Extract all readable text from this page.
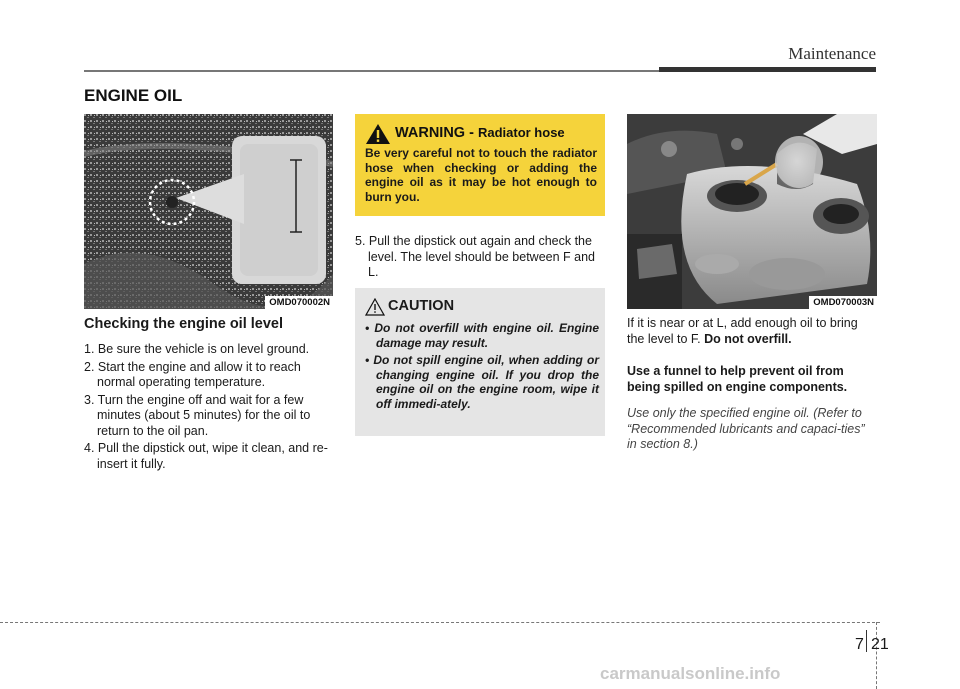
Maintenance
ENGINE OIL
OMD070002N
Checking the engine oil level
1. Be sure the vehicle is on level ground.
2. Start the engine and allow it to reach normal operating temperature.
3. Turn the engine off and wait for a few minutes (about 5 minutes) for the oil to return to the oil pan.
4. Pull the dipstick out, wipe it clean, and re-insert it fully.
WARNING - Radiator hose
Be very careful not to touch the radiator hose when checking or adding the engine oil as it may be hot enough to burn you.
5. Pull the dipstick out again and check the level. The level should be between F and L.
CAUTION
• Do not overfill with engine oil. Engine damage may result.
• Do not spill engine oil, when adding or changing engine oil. If you drop the engine oil on the engine room, wipe it off immedi-ately.
OMD070003N
If it is near or at L, add enough oil to bring the level to F. Do not overfill.
Use a funnel to help prevent oil from being spilled on engine components.
Use only the specified engine oil. (Refer to “Recommended lubricants and capaci-ties” in section 8.)
7 21
carmanualsonline.info
